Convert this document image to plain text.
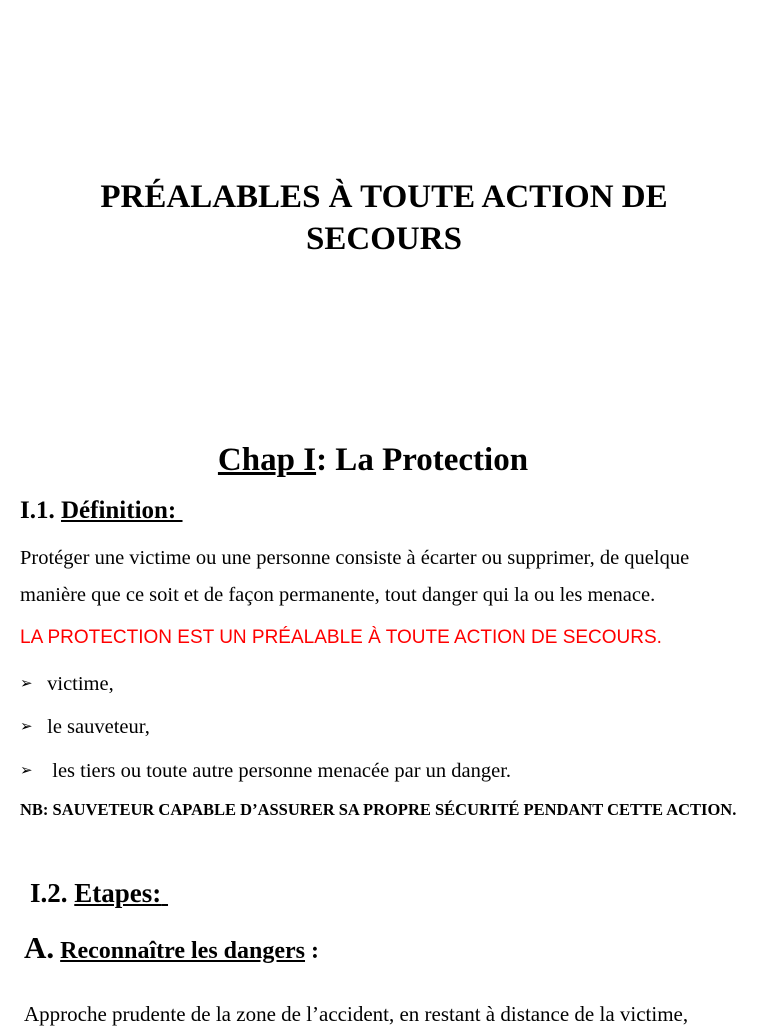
PRÉALABLES À TOUTE ACTION DE
SECOURS
Chap I: La Protection
I.1. Définition:
Protéger une victime ou une personne consiste à écarter ou supprimer, de quelque manière que ce soit et de façon permanente, tout danger qui la ou les menace.
LA PROTECTION EST UN PRÉALABLE À TOUTE ACTION DE SECOURS.
➢ victime,
➢ le sauveteur,
➢  les tiers ou toute autre personne menacée par un danger.
NB: SAUVETEUR CAPABLE D’ASSURER SA PROPRE SÉCURITÉ PENDANT CETTE ACTION.
I.2. Etapes:
A. Reconnaître les dangers :
Approche prudente de la zone de l’accident, en restant à distance de la victime,
